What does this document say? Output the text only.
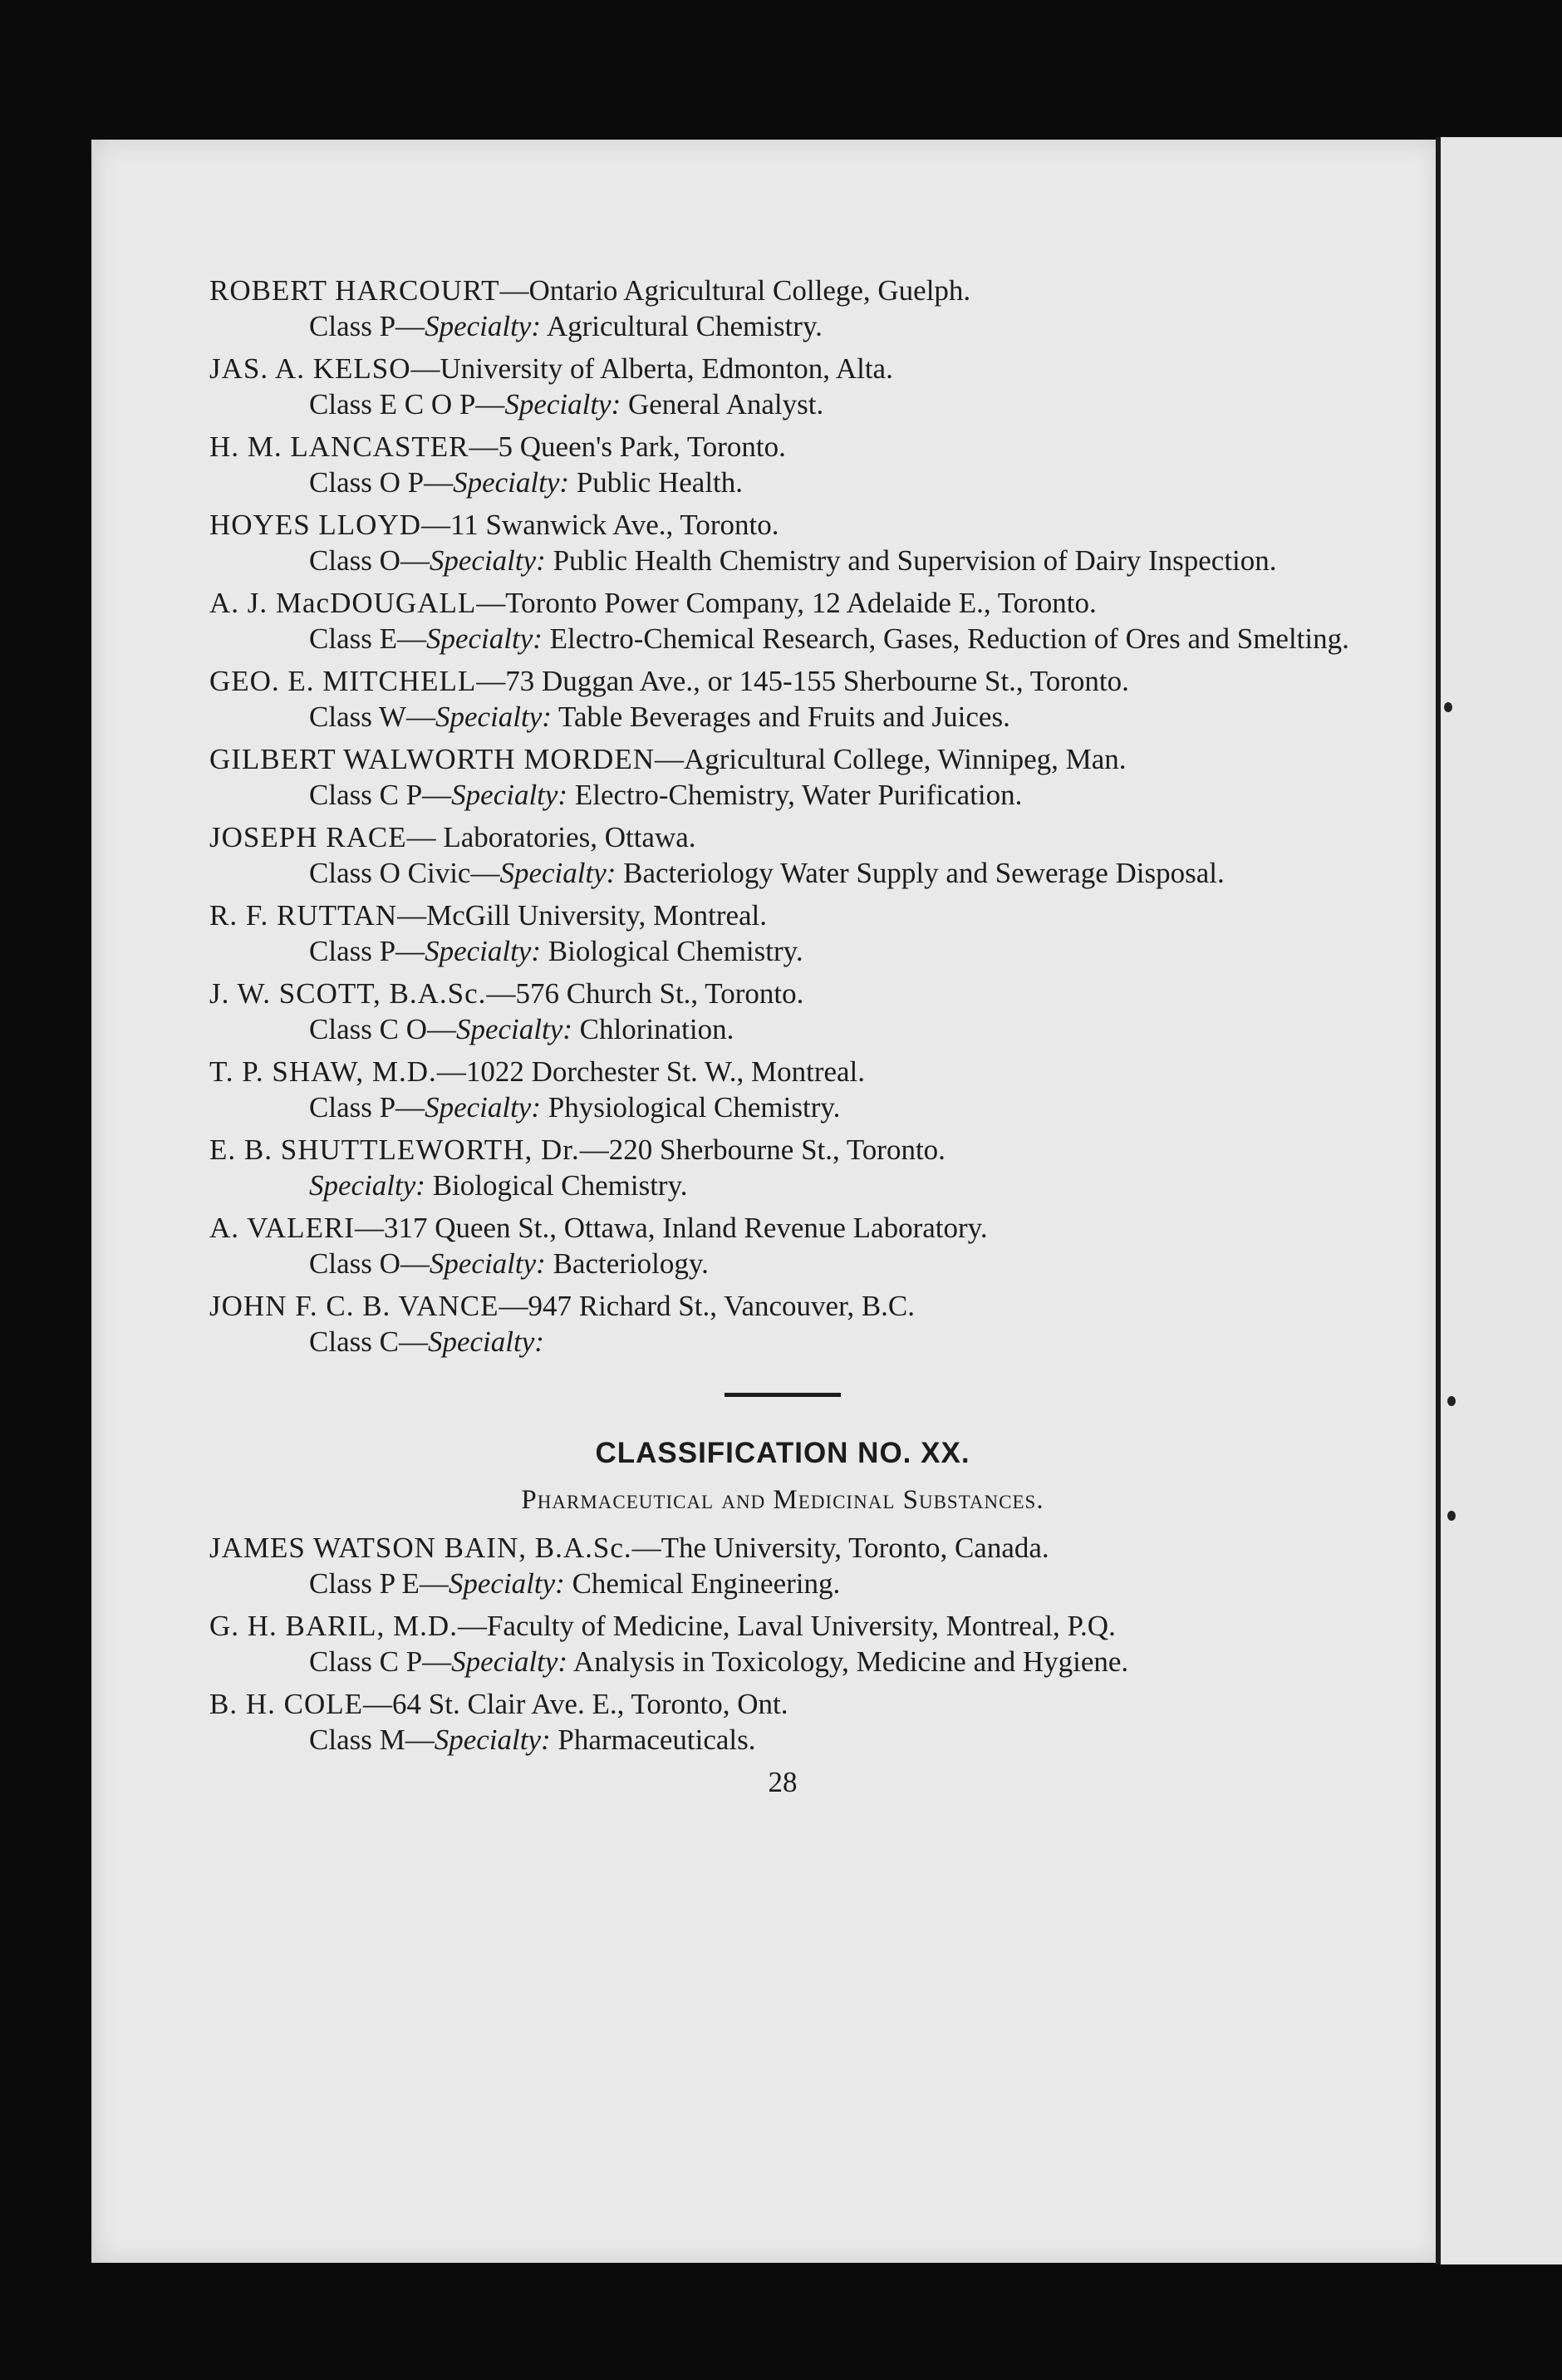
ROBERT HARCOURT—Ontario Agricultural College, Guelph.
Class P—Specialty: Agricultural Chemistry.
JAS. A. KELSO—University of Alberta, Edmonton, Alta.
Class E C O P—Specialty: General Analyst.
H. M. LANCASTER—5 Queen's Park, Toronto.
Class O P—Specialty: Public Health.
HOYES LLOYD—11 Swanwick Ave., Toronto.
Class O—Specialty: Public Health Chemistry and Supervision of Dairy Inspection.
A. J. MacDOUGALL—Toronto Power Company, 12 Adelaide E., Toronto.
Class E—Specialty: Electro-Chemical Research, Gases, Reduction of Ores and Smelting.
GEO. E. MITCHELL—73 Duggan Ave., or 145-155 Sherbourne St., Toronto.
Class W—Specialty: Table Beverages and Fruits and Juices.
GILBERT WALWORTH MORDEN—Agricultural College, Winnipeg, Man.
Class C P—Specialty: Electro-Chemistry, Water Purification.
JOSEPH RACE— Laboratories, Ottawa.
Class O Civic—Specialty: Bacteriology Water Supply and Sewerage Disposal.
R. F. RUTTAN—McGill University, Montreal.
Class P—Specialty: Biological Chemistry.
J. W. SCOTT, B.A.Sc.—576 Church St., Toronto.
Class C O—Specialty: Chlorination.
T. P. SHAW, M.D.—1022 Dorchester St. W., Montreal.
Class P—Specialty: Physiological Chemistry.
E. B. SHUTTLEWORTH, Dr.—220 Sherbourne St., Toronto.
Specialty: Biological Chemistry.
A. VALERI—317 Queen St., Ottawa, Inland Revenue Laboratory.
Class O—Specialty: Bacteriology.
JOHN F. C. B. VANCE—947 Richard St., Vancouver, B.C.
Class C—Specialty:
CLASSIFICATION NO. XX.
Pharmaceutical and Medicinal Substances.
JAMES WATSON BAIN, B.A.Sc.—The University, Toronto, Canada.
Class P E—Specialty: Chemical Engineering.
G. H. BARIL, M.D.—Faculty of Medicine, Laval University, Montreal, P.Q.
Class C P—Specialty: Analysis in Toxicology, Medicine and Hygiene.
B. H. COLE—64 St. Clair Ave. E., Toronto, Ont.
Class M—Specialty: Pharmaceuticals.
28
